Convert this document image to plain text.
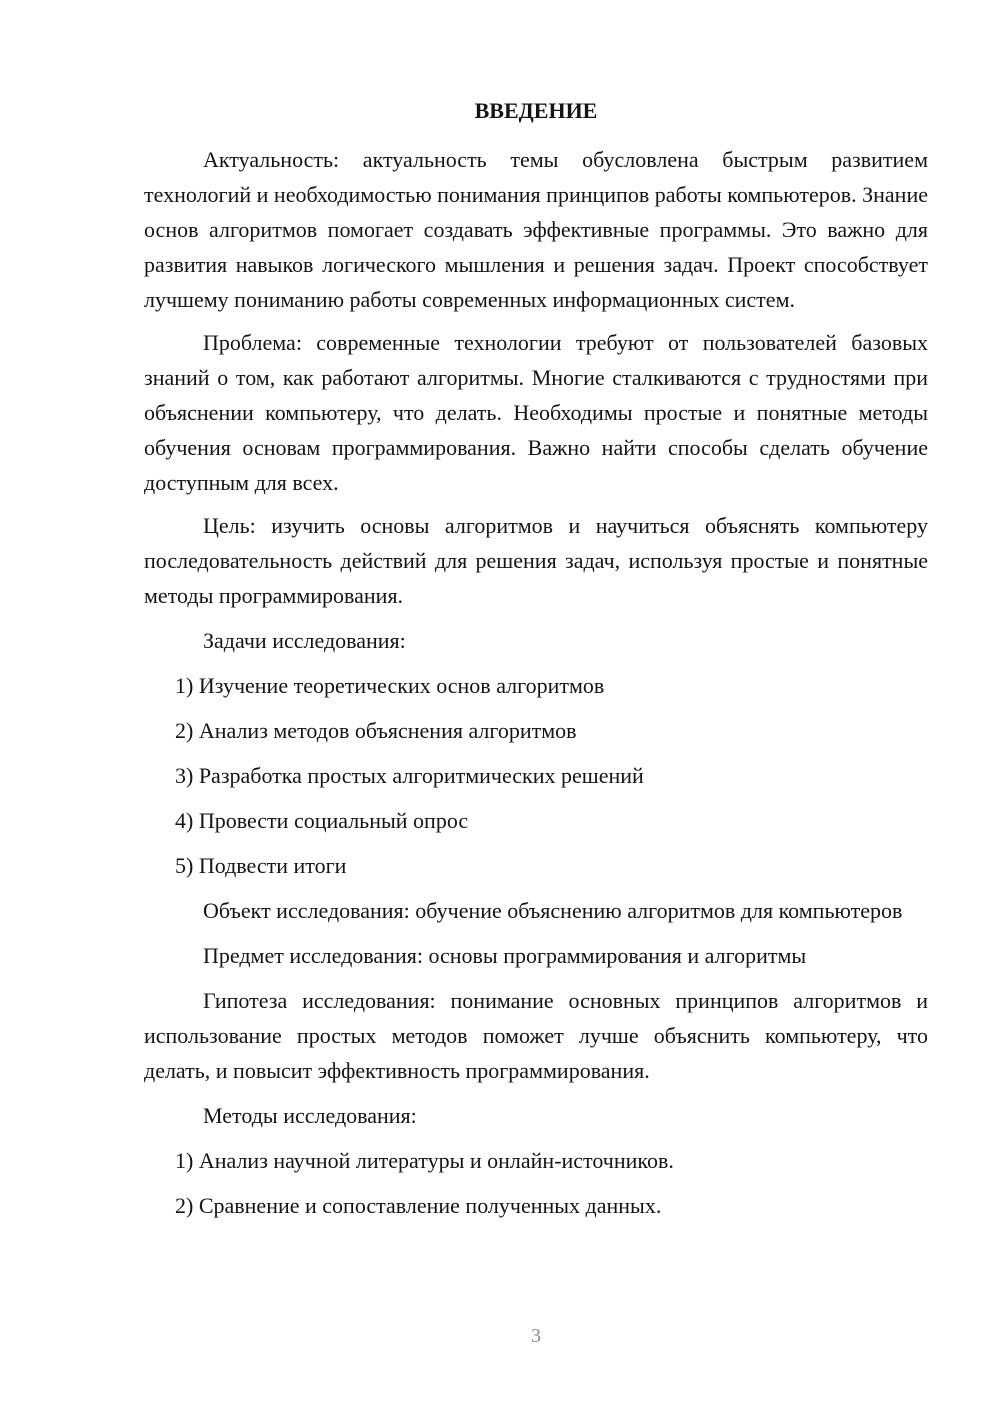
ВВЕДЕНИЕ

Актуальность: актуальность темы обусловлена быстрым развитием технологий и необходимостью понимания принципов работы компьютеров. Знание основ алгоритмов помогает создавать эффективные программы. Это важно для развития навыков логического мышления и решения задач. Проект способствует лучшему пониманию работы современных информационных систем.

Проблема: современные технологии требуют от пользователей базовых знаний о том, как работают алгоритмы. Многие сталкиваются с трудностями при объяснении компьютеру, что делать. Необходимы простые и понятные методы обучения основам программирования. Важно найти способы сделать обучение доступным для всех.

Цель: изучить основы алгоритмов и научиться объяснять компьютеру последовательность действий для решения задач, используя простые и понятные методы программирования.

Задачи исследования:

1) Изучение теоретических основ алгоритмов

2) Анализ методов объяснения алгоритмов

3) Разработка простых алгоритмических решений

4) Провести социальный опрос

5) Подвести итоги

Объект исследования: обучение объяснению алгоритмов для компьютеров

Предмет исследования: основы программирования и алгоритмы

Гипотеза исследования: понимание основных принципов алгоритмов и использование простых методов поможет лучше объяснить компьютеру, что делать, и повысит эффективность программирования.

Методы исследования:

1) Анализ научной литературы и онлайн-источников.

2) Сравнение и сопоставление полученных данных.

3
